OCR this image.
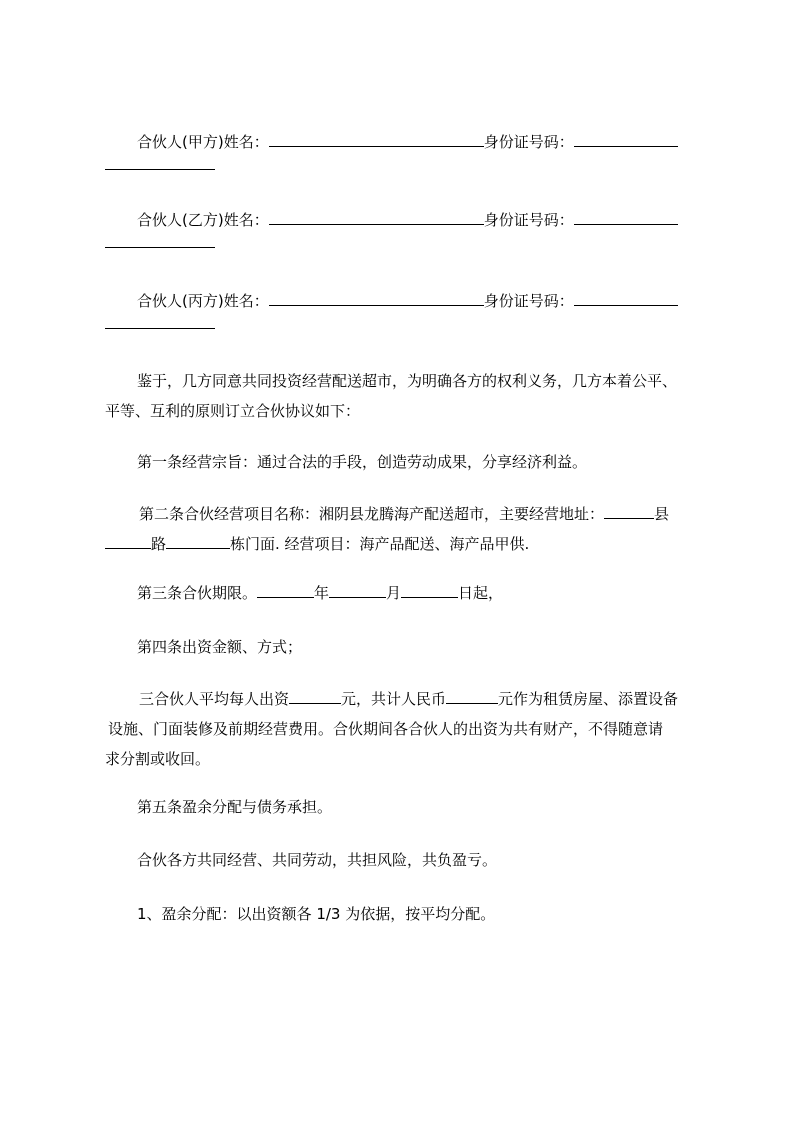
合伙人(甲方)姓名：	身份证号码：
合伙人(乙方)姓名：	身份证号码：
合伙人(丙方)姓名：	身份证号码：
鉴于，几方同意共同投资经营配送超市，为明确各方的权利义务，几方本着公平、
平等、互利的原则订立合伙协议如下：
第一条经营宗旨：通过合法的手段，创造劳动成果，分享经济利益。
第二条合伙经营项目名称：湘阴县龙腾海产配送超市，主要经营地址：	县
路	栋门面. 经营项目：海产品配送、海产品甲供.
第三条合伙期限。	年	月	日起，
第四条出资金额、方式；
三合伙人平均每人出资	元，共计人民币	元作为租赁房屋、添置设备
设施、门面装修及前期经营费用。合伙期间各合伙人的出资为共有财产，不得随意请
求分割或收回。
第五条盈余分配与债务承担。
合伙各方共同经营、共同劳动，共担风险，共负盈亏。
1、盈余分配：以出资额各 1/3 为依据，按平均分配。
